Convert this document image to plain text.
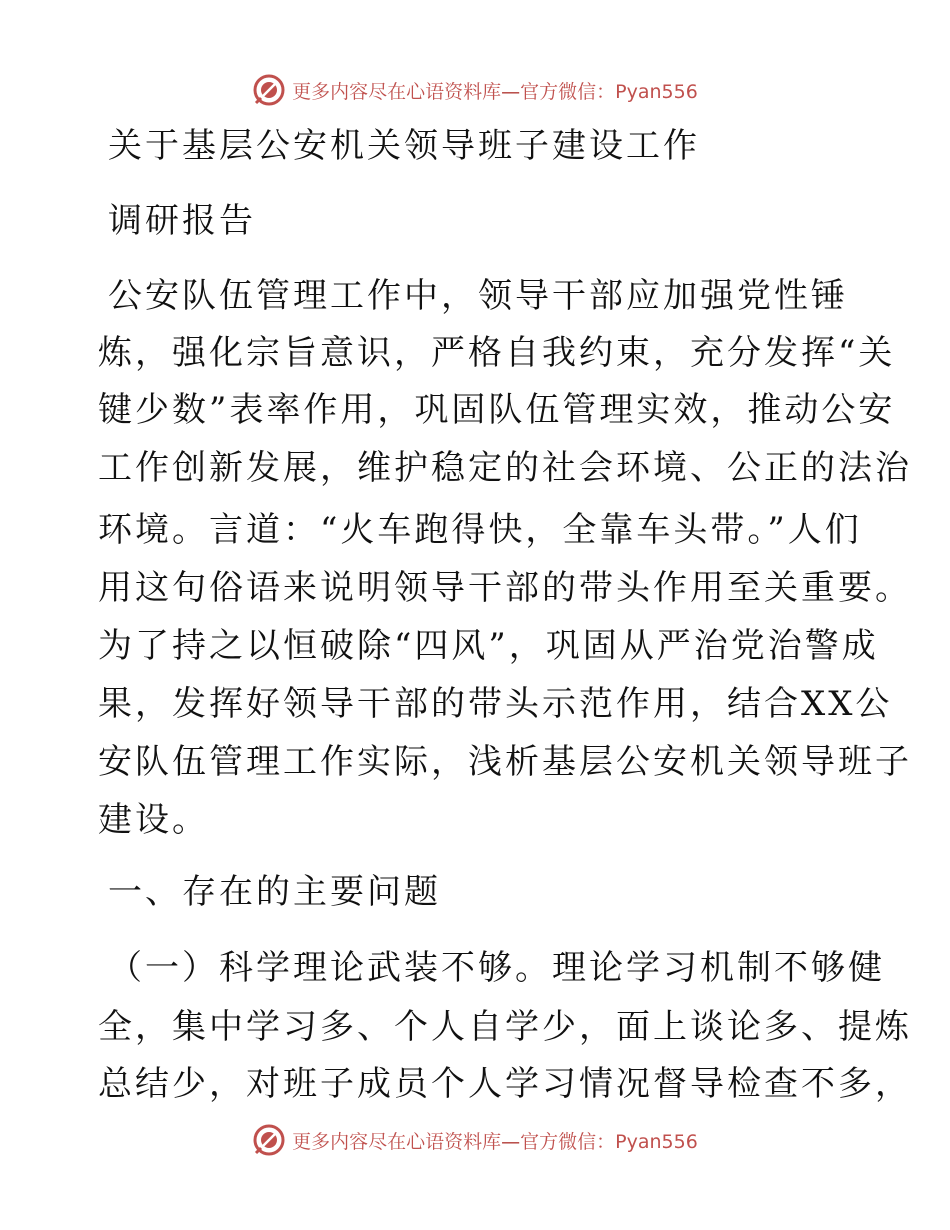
更多内容尽在心语资料库—官方微信：Pyan556
关于基层公安机关领导班子建设工作
调研报告
公安队伍管理工作中，领导干部应加强党性锤
炼，强化宗旨意识，严格自我约束，充分发挥“关
键少数”表率作用，巩固队伍管理实效，推动公安
工作创新发展，维护稳定的社会环境、公正的法治
环境。言道：“火车跑得快，全靠车头带。”人们
用这句俗语来说明领导干部的带头作用至关重要。
为了持之以恒破除“四风”，巩固从严治党治警成
果，发挥好领导干部的带头示范作用，结合XX公
安队伍管理工作实际，浅析基层公安机关领导班子
建设。
一、存在的主要问题
（一）科学理论武装不够。理论学习机制不够健
全，集中学习多、个人自学少，面上谈论多、提炼
总结少，对班子成员个人学习情况督导检查不多，
更多内容尽在心语资料库—官方微信：Pyan556
